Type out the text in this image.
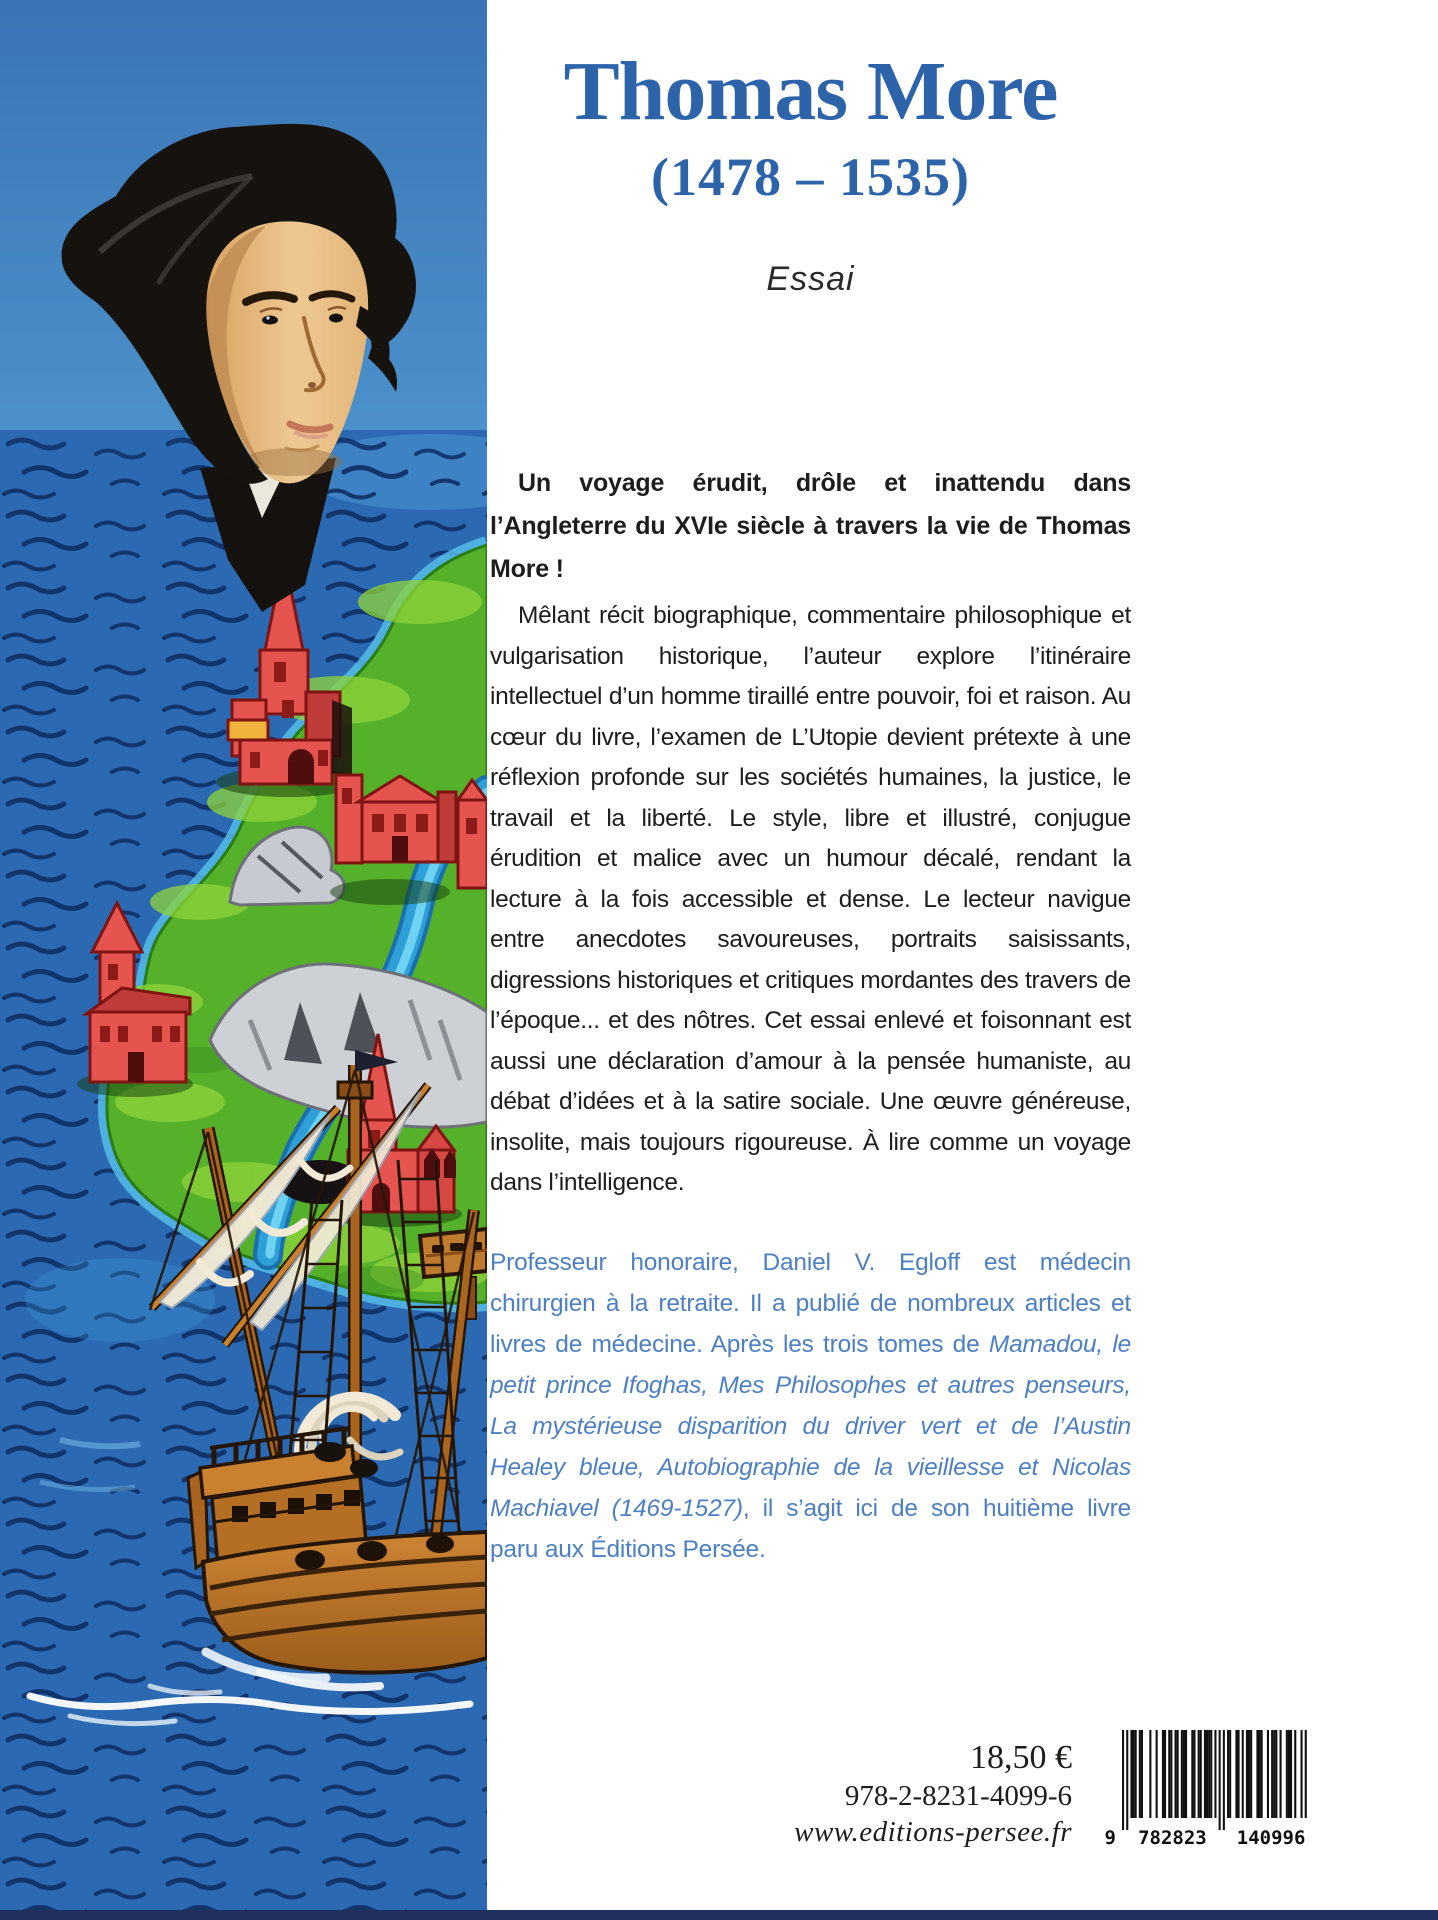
Thomas More
(1478 – 1535)
Essai

Un voyage érudit, drôle et inattendu dans l’Angleterre du XVIe siècle à travers la vie de Thomas More !

Mêlant récit biographique, commentaire philosophique et vulgarisation historique, l’auteur explore l’itinéraire intellectuel d’un homme tiraillé entre pouvoir, foi et raison. Au cœur du livre, l’examen de L’Utopie devient prétexte à une réflexion profonde sur les sociétés humaines, la justice, le travail et la liberté. Le style, libre et illustré, conjugue érudition et malice avec un humour décalé, rendant la lecture à la fois accessible et dense. Le lecteur navigue entre anecdotes savoureuses, portraits saisissants, digressions historiques et critiques mordantes des travers de l’époque... et des nôtres. Cet essai enlevé et foisonnant est aussi une déclaration d’amour à la pensée humaniste, au débat d’idées et à la satire sociale. Une œuvre généreuse, insolite, mais toujours rigoureuse. À lire comme un voyage dans l’intelligence.

Professeur honoraire, Daniel V. Egloff est médecin chirurgien à la retraite. Il a publié de nombreux articles et livres de médecine. Après les trois tomes de Mamadou, le petit prince Ifoghas, Mes Philosophes et autres penseurs, La mystérieuse disparition du driver vert et de l’Austin Healey bleue, Autobiographie de la vieillesse et Nicolas Machiavel (1469-1527), il s’agit ici de son huitième livre paru aux Éditions Persée.

18,50 €
978-2-8231-4099-6
www.editions-persee.fr 9 782823 140996
